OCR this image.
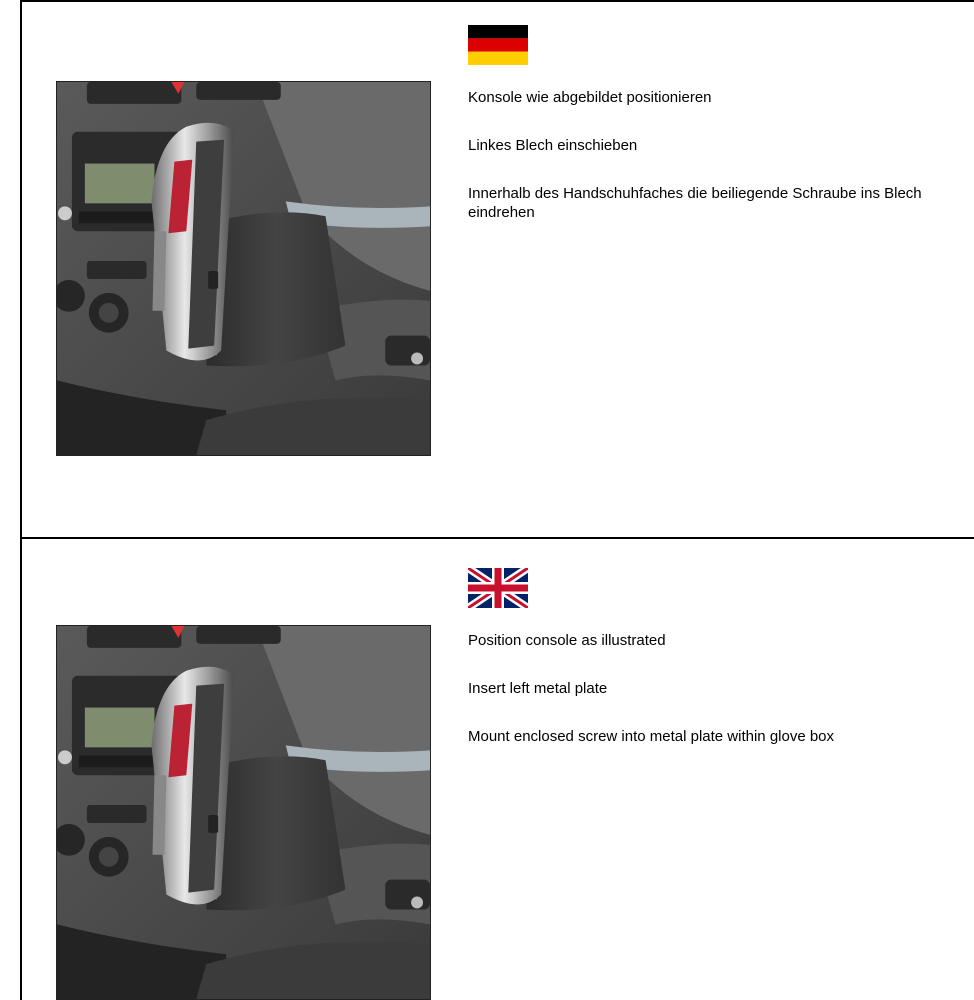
Konsole wie abgebildet positionieren
Linkes Blech einschieben
Innerhalb des Handschuhfaches die beiliegende Schraube ins Blech eindrehen
Position console as illustrated
Insert left metal plate
Mount enclosed screw into metal plate within glove box
